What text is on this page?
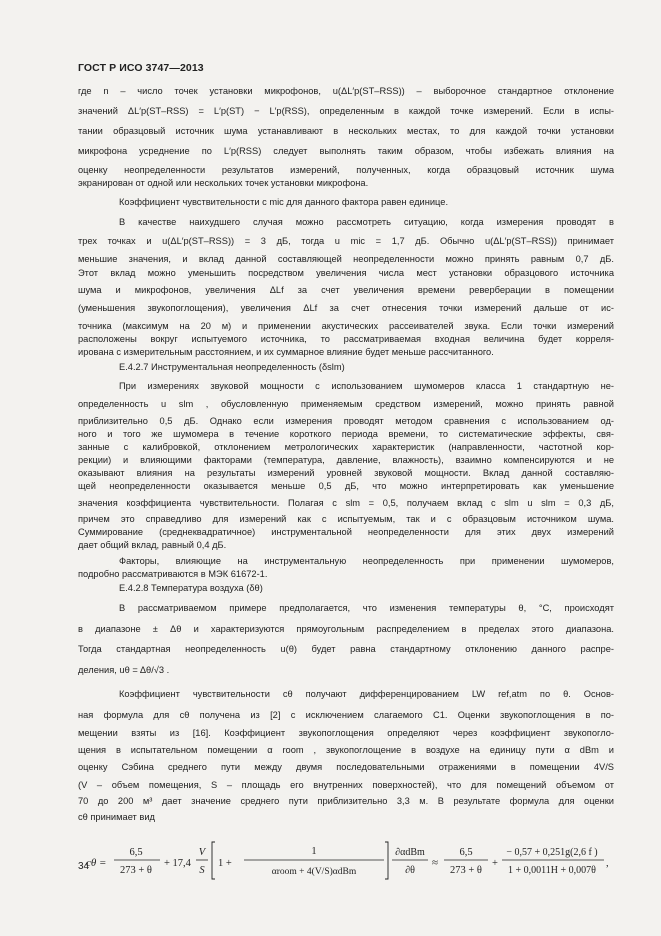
ГОСТ Р ИСО 3747—2013
где n – число точек установки микрофонов, u(ΔL′p(ST–RSS)) – выборочное стандартное отклонение
значений ΔL′p(ST–RSS) = L′p(ST) − L′p(RSS), определенным в каждой точке измерений. Если в испы-
тании образцовый источник шума устанавливают в нескольких местах, то для каждой точки установки
микрофона усреднение по L′p(RSS) следует выполнять таким образом, чтобы избежать влияния на
оценку неопределенности результатов измерений, полученных, когда образцовый источник шума
экранирован от одной или нескольких точек установки микрофона.
Коэффициент чувствительности c mic для данного фактора равен единице.
В качестве наихудшего случая можно рассмотреть ситуацию, когда измерения проводят в
трех точках и u(ΔL′p(ST–RSS)) = 3 дБ, тогда u mic = 1,7 дБ. Обычно u(ΔL′p(ST–RSS)) принимает
меньшие значения, и вклад данной составляющей неопределенности можно принять равным 0,7 дБ.
Этот вклад можно уменьшить посредством увеличения числа мест установки образцового источника
шума и микрофонов, увеличения ΔLf за счет увеличения времени реверберации в помещении
(уменьшения звукопоглощения), увеличения ΔLf за счет отнесения точки измерений дальше от ис-
точника (максимум на 20 м) и применении акустических рассеивателей звука. Если точки измерений
расположены вокруг испытуемого источника, то рассматриваемая входная величина будет корреля-
ирована с измерительным расстоянием, и их суммарное влияние будет меньше рассчитанного.
Е.4.2.7 Инструментальная неопределенность (δslm)
При измерениях звуковой мощности с использованием шумомеров класса 1 стандартную не-
определенность u slm , обусловленную применяемым средством измерений, можно принять равной
приблизительно 0,5 дБ. Однако если измерения проводят методом сравнения с использованием од-
ного и того же шумомера в течение короткого периода времени, то систематические эффекты, свя-
занные с калибровкой, отклонением метрологических характеристик (направленности, частотной кор-
рекции) и влияющими факторами (температура, давление, влажность), взаимно компенсируются и не
оказывают влияния на результаты измерений уровней звуковой мощности. Вклад данной составляю-
щей неопределенности оказывается меньше 0,5 дБ, что можно интерпретировать как уменьшение
значения коэффициента чувствительности. Полагая c slm = 0,5, получаем вклад c slm u slm = 0,3 дБ,
причем это справедливо для измерений как с испытуемым, так и с образцовым источником шума.
Суммирование (среднеквадратичное) инструментальной неопределенности для этих двух измерений
дает общий вклад, равный 0,4 дБ.
Факторы, влияющие на инструментальную неопределенность при применении шумомеров,
подробно рассматриваются в МЭК 61672-1.
Е.4.2.8 Температура воздуха (δθ)
В рассматриваемом примере предполагается, что изменения температуры θ, °С, происходят
в диапазоне ± Δθ и характеризуются прямоугольным распределением в пределах этого диапазона.
Тогда стандартная неопределенность u(θ) будет равна стандартному отклонению данного распре-
деления, uθ = Δθ/√3 .
Коэффициент чувствительности cθ получают дифференцированием LW ref,atm по θ. Основ-
ная формула для cθ получена из [2] с исключением слагаемого C1. Оценки звукопоглощения в по-
мещении взяты из [16]. Коэффициент звукопоглощения определяют через коэффициент звукопогло-
щения в испытательном помещении α room , звукопоглощение в воздухе на единицу пути α dBm и
оценку Сэбина среднего пути между двумя последовательными отражениями в помещении 4V/S
(V – объем помещения, S – площадь его внутренних поверхностей), что для помещений объемом от
70 до 200 м³ дает значение среднего пути приблизительно 3,3 м. В результате формула для оценки
cθ принимает вид
cθ =
6,5
273 + θ
+ 17,4
V
S
1 +
1
αroom + 4(V/S)αdBm
∂αdBm
∂θ
≈
6,5
273 + θ
+
− 0,57 + 0,251g(2,6 f )
1 + 0,0011H + 0,007θ
,
34
